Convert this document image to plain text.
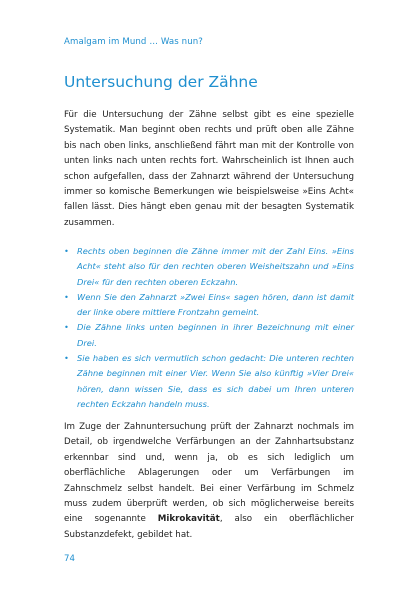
Amalgam im Mund … Was nun?
Untersuchung der Zähne

Für die Untersuchung der Zähne selbst gibt es eine spezielle Systematik. Man beginnt oben rechts und prüft oben alle Zähne bis nach oben links, anschließend fährt man mit der Kontrolle von unten links nach unten rechts fort. Wahrscheinlich ist Ihnen auch schon aufgefallen, dass der Zahnarzt während der Untersuchung immer so komische Bemerkungen wie beispielsweise »Eins Acht« fallen lässt. Dies hängt eben genau mit der besagten Systematik zusammen.

• Rechts oben beginnen die Zähne immer mit der Zahl Eins. »Eins Acht« steht also für den rechten oberen Weisheitszahn und »Eins Drei« für den rechten oberen Eckzahn.
• Wenn Sie den Zahnarzt »Zwei Eins« sagen hören, dann ist damit der linke obere mittlere Frontzahn gemeint.
• Die Zähne links unten beginnen in ihrer Bezeichnung mit einer Drei.
• Sie haben es sich vermutlich schon gedacht: Die unteren rechten Zähne beginnen mit einer Vier. Wenn Sie also künftig »Vier Drei« hören, dann wissen Sie, dass es sich dabei um Ihren unteren rechten Eckzahn handeln muss.

Im Zuge der Zahnuntersuchung prüft der Zahnarzt nochmals im Detail, ob irgendwelche Verfärbungen an der Zahnhartsubstanz erkennbar sind und, wenn ja, ob es sich lediglich um oberflächliche Ablagerungen oder um Verfärbungen im Zahnschmelz selbst handelt. Bei einer Verfärbung im Schmelz muss zudem überprüft werden, ob sich möglicherweise bereits eine sogenannte Mikrokavität, also ein oberflächlicher Substanzdefekt, gebildet hat.

74
